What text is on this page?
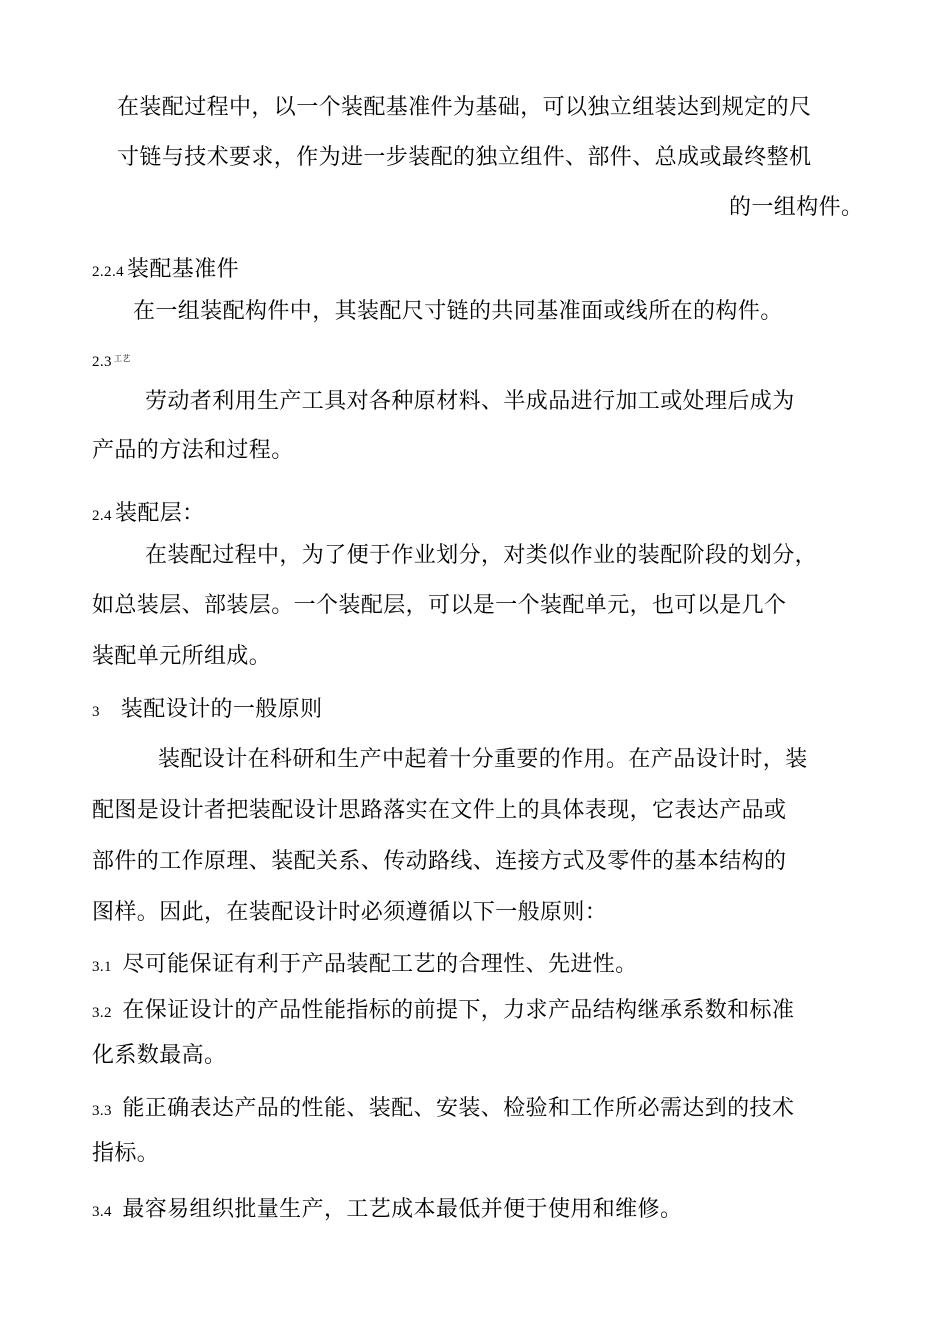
在装配过程中，以一个装配基准件为基础，可以独立组装达到规定的尺
寸链与技术要求，作为进一步装配的独立组件、部件、总成或最终整机
的一组构件。
2.2.4 装配基准件
在一组装配构件中，其装配尺寸链的共同基准面或线所在的构件。
2.3 $^{工艺}$
劳动者利用生产工具对各种原材料、半成品进行加工或处理后成为
产品的方法和过程。
2.4 装配层：
在装配过程中，为了便于作业划分，对类似作业的装配阶段的划分，
如总装层、部装层。一个装配层，可以是一个装配单元，也可以是几个
装配单元所组成。
3 装配设计的一般原则
装配设计在科研和生产中起着十分重要的作用。在产品设计时，装
配图是设计者把装配设计思路落实在文件上的具体表现，它表达产品或
部件的工作原理、装配关系、传动路线、连接方式及零件的基本结构的
图样。因此，在装配设计时必须遵循以下一般原则：
3.1 尽可能保证有利于产品装配工艺的合理性、先进性。
3.2 在保证设计的产品性能指标的前提下，力求产品结构继承系数和标准
化系数最高。
3.3 能正确表达产品的性能、装配、安装、检验和工作所必需达到的技术
指标。
3.4 最容易组织批量生产，工艺成本最低并便于使用和维修。
